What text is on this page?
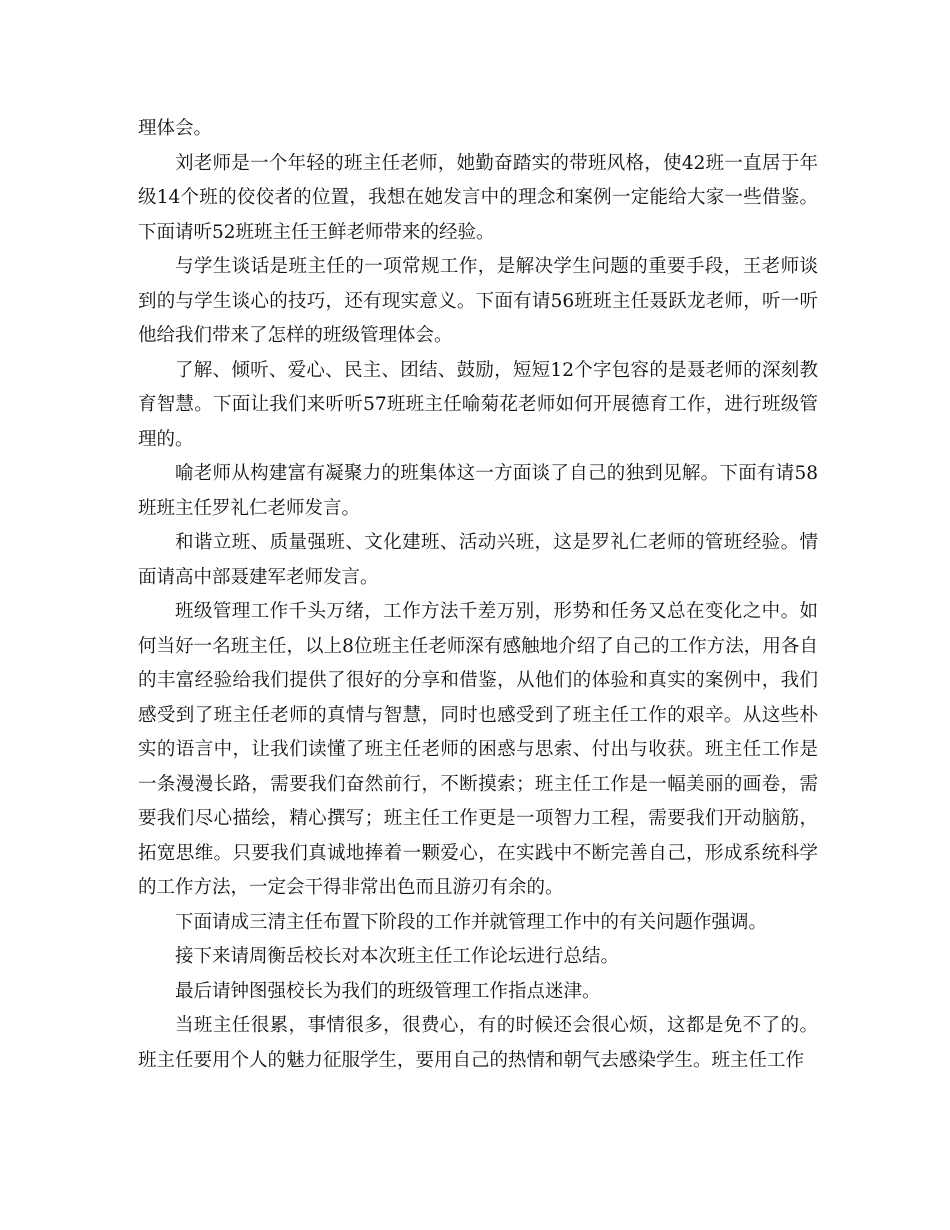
理体会。

刘老师是一个年轻的班主任老师，她勤奋踏实的带班风格，使42班一直居于年级14个班的佼佼者的位置，我想在她发言中的理念和案例一定能给大家一些借鉴。下面请听52班班主任王鲜老师带来的经验。

与学生谈话是班主任的一项常规工作，是解决学生问题的重要手段，王老师谈到的与学生谈心的技巧，还有现实意义。下面有请56班班主任聂跃龙老师，听一听他给我们带来了怎样的班级管理体会。

了解、倾听、爱心、民主、团结、鼓励，短短12个字包容的是聂老师的深刻教育智慧。下面让我们来听听57班班主任喻菊花老师如何开展德育工作，进行班级管理的。

喻老师从构建富有凝聚力的班集体这一方面谈了自己的独到见解。下面有请58班班主任罗礼仁老师发言。

和谐立班、质量强班、文化建班、活动兴班，这是罗礼仁老师的管班经验。情面请高中部聂建军老师发言。

班级管理工作千头万绪，工作方法千差万别，形势和任务又总在变化之中。如何当好一名班主任，以上8位班主任老师深有感触地介绍了自己的工作方法，用各自的丰富经验给我们提供了很好的分享和借鉴，从他们的体验和真实的案例中，我们感受到了班主任老师的真情与智慧，同时也感受到了班主任工作的艰辛。从这些朴实的语言中，让我们读懂了班主任老师的困惑与思索、付出与收获。班主任工作是一条漫漫长路，需要我们奋然前行，不断摸索；班主任工作是一幅美丽的画卷，需要我们尽心描绘，精心撰写；班主任工作更是一项智力工程，需要我们开动脑筋，拓宽思维。只要我们真诚地捧着一颗爱心，在实践中不断完善自己，形成系统科学的工作方法，一定会干得非常出色而且游刃有余的。

下面请成三清主任布置下阶段的工作并就管理工作中的有关问题作强调。

接下来请周衡岳校长对本次班主任工作论坛进行总结。

最后请钟图强校长为我们的班级管理工作指点迷津。

当班主任很累，事情很多，很费心，有的时候还会很心烦，这都是免不了的。班主任要用个人的魅力征服学生，要用自己的热情和朝气去感染学生。班主任工作
